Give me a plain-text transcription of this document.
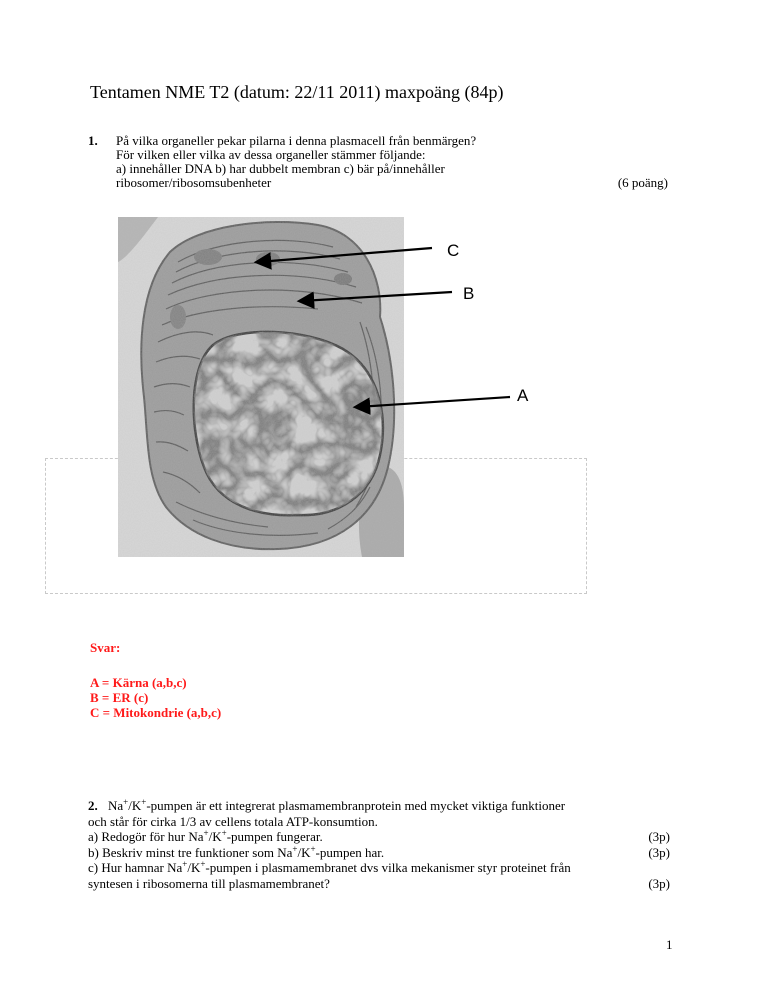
Tentamen NME T2 (datum: 22/11 2011) maxpoäng (84p)
1. På vilka organeller pekar pilarna i denna plasmacell från benmärgen?
För vilken eller vilka av dessa organeller stämmer följande:
a) innehåller DNA b) har dubbelt membran c) bär på/innehåller
ribosomer/ribosomsubenheter	(6 poäng)
C
B
A
Svar:
A = Kärna (a,b,c)
B = ER (c)
C = Mitokondrie (a,b,c)
2. Na+/K+-pumpen är ett integrerat plasmamembranprotein med mycket viktiga funktioner
och står för cirka 1/3 av cellens totala ATP-konsumtion.
a) Redogör för hur Na+/K+-pumpen fungerar.	(3p)
b) Beskriv minst tre funktioner som Na+/K+-pumpen har.	(3p)
c) Hur hamnar Na+/K+-pumpen i plasmamembranet dvs vilka mekanismer styr proteinet från
syntesen i ribosomerna till plasmamembranet?	(3p)
1
